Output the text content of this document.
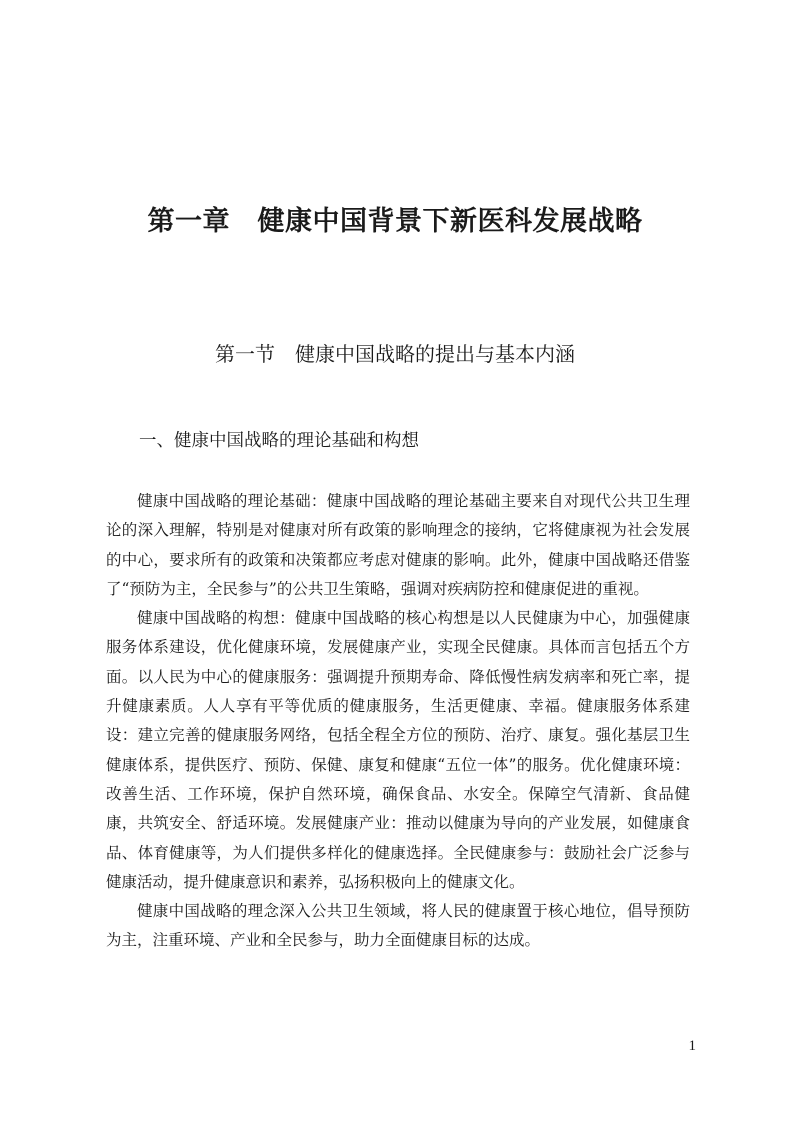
第一章　健康中国背景下新医科发展战略
第一节　健康中国战略的提出与基本内涵
一、健康中国战略的理论基础和构想

健康中国战略的理论基础：健康中国战略的理论基础主要来自对现代公共卫生理论的深入理解，特别是对健康对所有政策的影响理念的接纳，它将健康视为社会发展的中心，要求所有的政策和决策都应考虑对健康的影响。此外，健康中国战略还借鉴了“预防为主，全民参与”的公共卫生策略，强调对疾病防控和健康促进的重视。

健康中国战略的构想：健康中国战略的核心构想是以人民健康为中心，加强健康服务体系建设，优化健康环境，发展健康产业，实现全民健康。具体而言包括五个方面。以人民为中心的健康服务：强调提升预期寿命、降低慢性病发病率和死亡率，提升健康素质。人人享有平等优质的健康服务，生活更健康、幸福。健康服务体系建设：建立完善的健康服务网络，包括全程全方位的预防、治疗、康复。强化基层卫生健康体系，提供医疗、预防、保健、康复和健康“五位一体”的服务。优化健康环境：改善生活、工作环境，保护自然环境，确保食品、水安全。保障空气清新、食品健康，共筑安全、舒适环境。发展健康产业：推动以健康为导向的产业发展，如健康食品、体育健康等，为人们提供多样化的健康选择。全民健康参与：鼓励社会广泛参与健康活动，提升健康意识和素养，弘扬积极向上的健康文化。

健康中国战略的理念深入公共卫生领域，将人民的健康置于核心地位，倡导预防为主，注重环境、产业和全民参与，助力全面健康目标的达成。

1
